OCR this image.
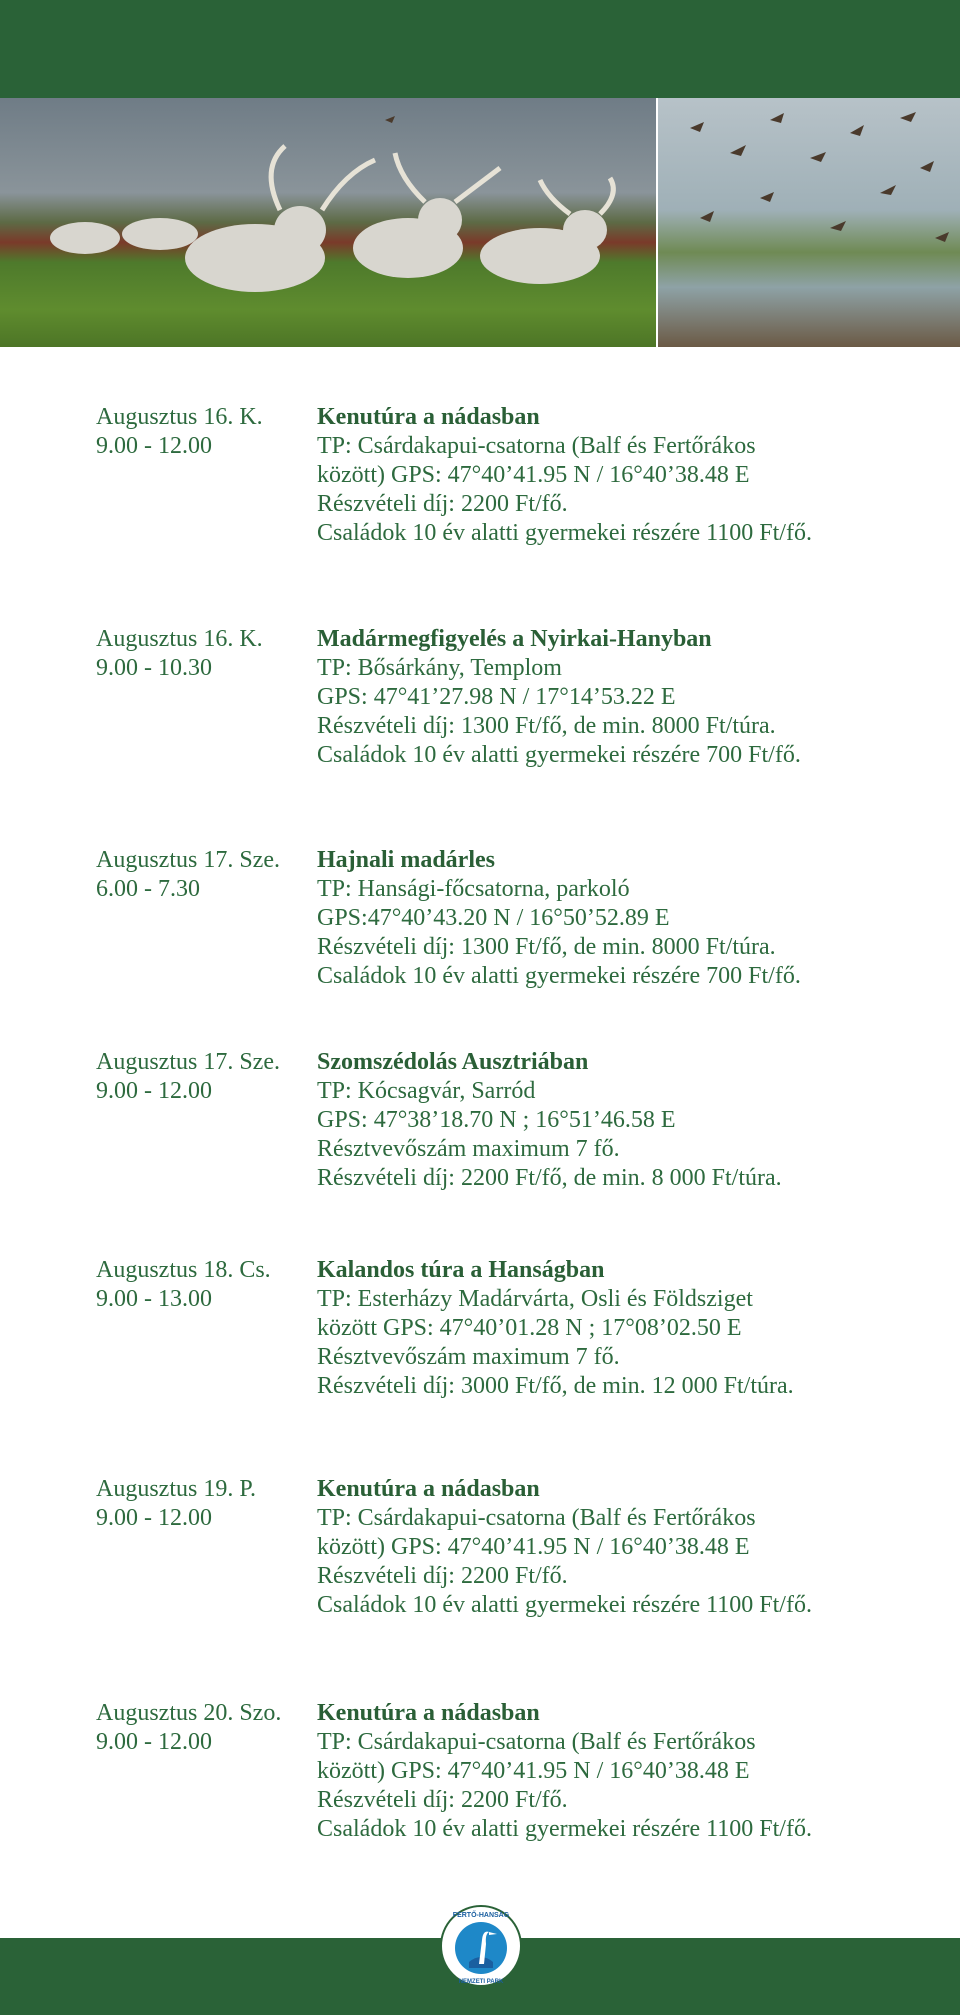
Augusztus 16. K.
9.00 - 12.00
Kenutúra a nádasban
TP: Csárdakapui-csatorna (Balf és Fertőrákos
között) GPS: 47°40’41.95 N / 16°40’38.48 E
Részvételi díj: 2200 Ft/fő.
Családok 10 év alatti gyermekei részére 1100 Ft/fő.
Augusztus 16. K.
9.00 - 10.30
Madármegfigyelés a Nyirkai-Hanyban
TP: Bősárkány, Templom
GPS: 47°41’27.98 N / 17°14’53.22 E
Részvételi díj: 1300 Ft/fő, de min. 8000 Ft/túra.
Családok 10 év alatti gyermekei részére 700 Ft/fő.
Augusztus 17. Sze.
6.00 - 7.30
Hajnali madárles
TP: Hansági-főcsatorna, parkoló
GPS:47°40’43.20 N / 16°50’52.89 E
Részvételi díj: 1300 Ft/fő, de min. 8000 Ft/túra.
Családok 10 év alatti gyermekei részére 700 Ft/fő.
Augusztus 17. Sze.
9.00 - 12.00
Szomszédolás Ausztriában
TP: Kócsagvár, Sarród
GPS: 47°38’18.70 N ; 16°51’46.58 E
Résztvevőszám maximum 7 fő.
Részvételi díj: 2200 Ft/fő, de min. 8 000 Ft/túra.
Augusztus 18. Cs.
9.00 - 13.00
Kalandos túra a Hanságban
TP: Esterházy Madárvárta, Osli és Földsziget
között GPS: 47°40’01.28 N ; 17°08’02.50 E
Résztvevőszám maximum 7 fő.
Részvételi díj: 3000 Ft/fő, de min. 12 000 Ft/túra.
Augusztus 19. P.
9.00 - 12.00
Kenutúra a nádasban
TP: Csárdakapui-csatorna (Balf és Fertőrákos
között) GPS: 47°40’41.95 N / 16°40’38.48 E
Részvételi díj: 2200 Ft/fő.
Családok 10 év alatti gyermekei részére 1100 Ft/fő.
Augusztus 20. Szo.
9.00 - 12.00
Kenutúra a nádasban
TP: Csárdakapui-csatorna (Balf és Fertőrákos
között) GPS: 47°40’41.95 N / 16°40’38.48 E
Részvételi díj: 2200 Ft/fő.
Családok 10 év alatti gyermekei részére 1100 Ft/fő.
FERTŐ-HANSÁG
NEMZETI PARK
